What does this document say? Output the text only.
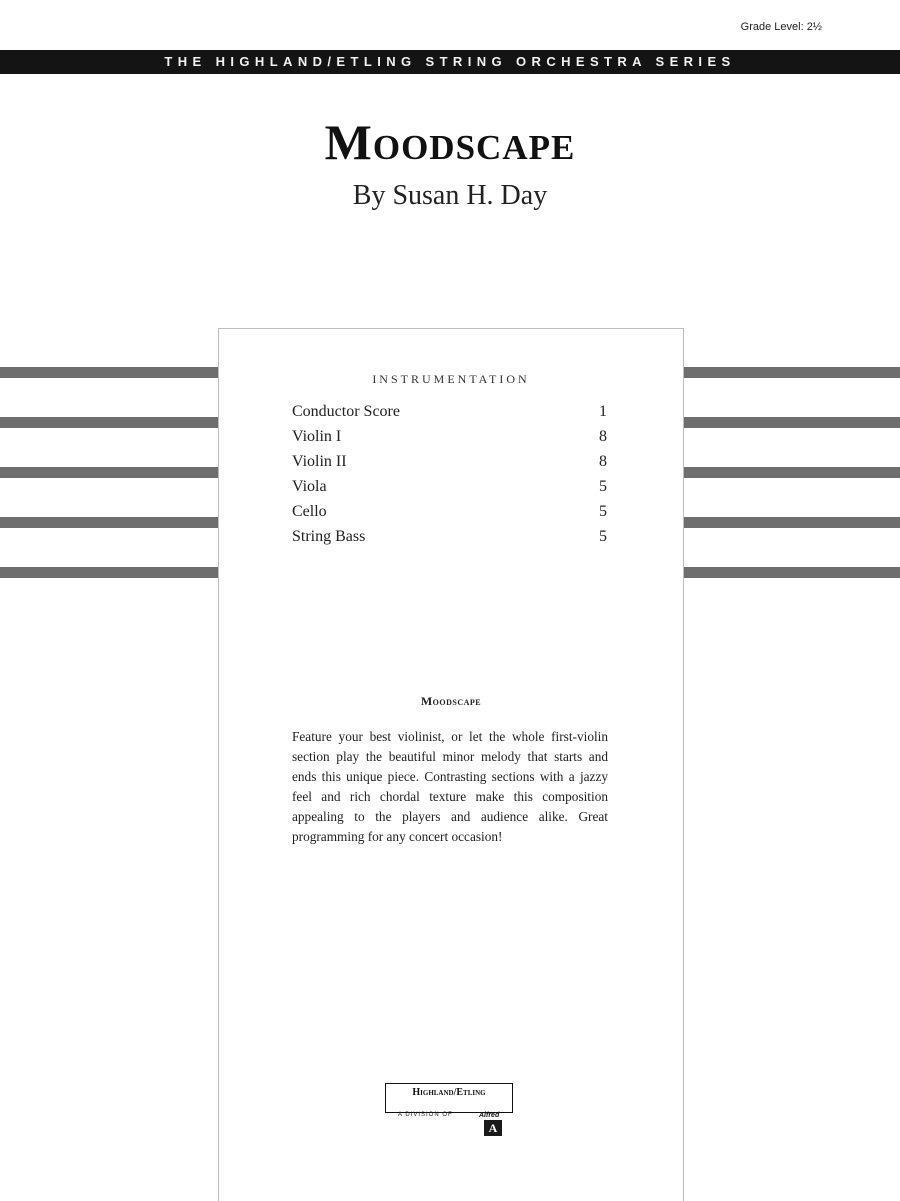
Grade Level: 2½
THE HIGHLAND/ETLING STRING ORCHESTRA SERIES
Moodscape
By Susan H. Day
INSTRUMENTATION
Conductor Score	1
Violin I	8
Violin II	8
Viola	5
Cello	5
String Bass	5
Moodscape
Feature your best violinist, or let the whole first-violin section play the beautiful minor melody that starts and ends this unique piece. Contrasting sections with a jazzy feel and rich chordal texture make this composition appealing to the players and audience alike. Great programming for any concert occasion!
Highland/Etling
A DIVISION OF	Alfred
A
